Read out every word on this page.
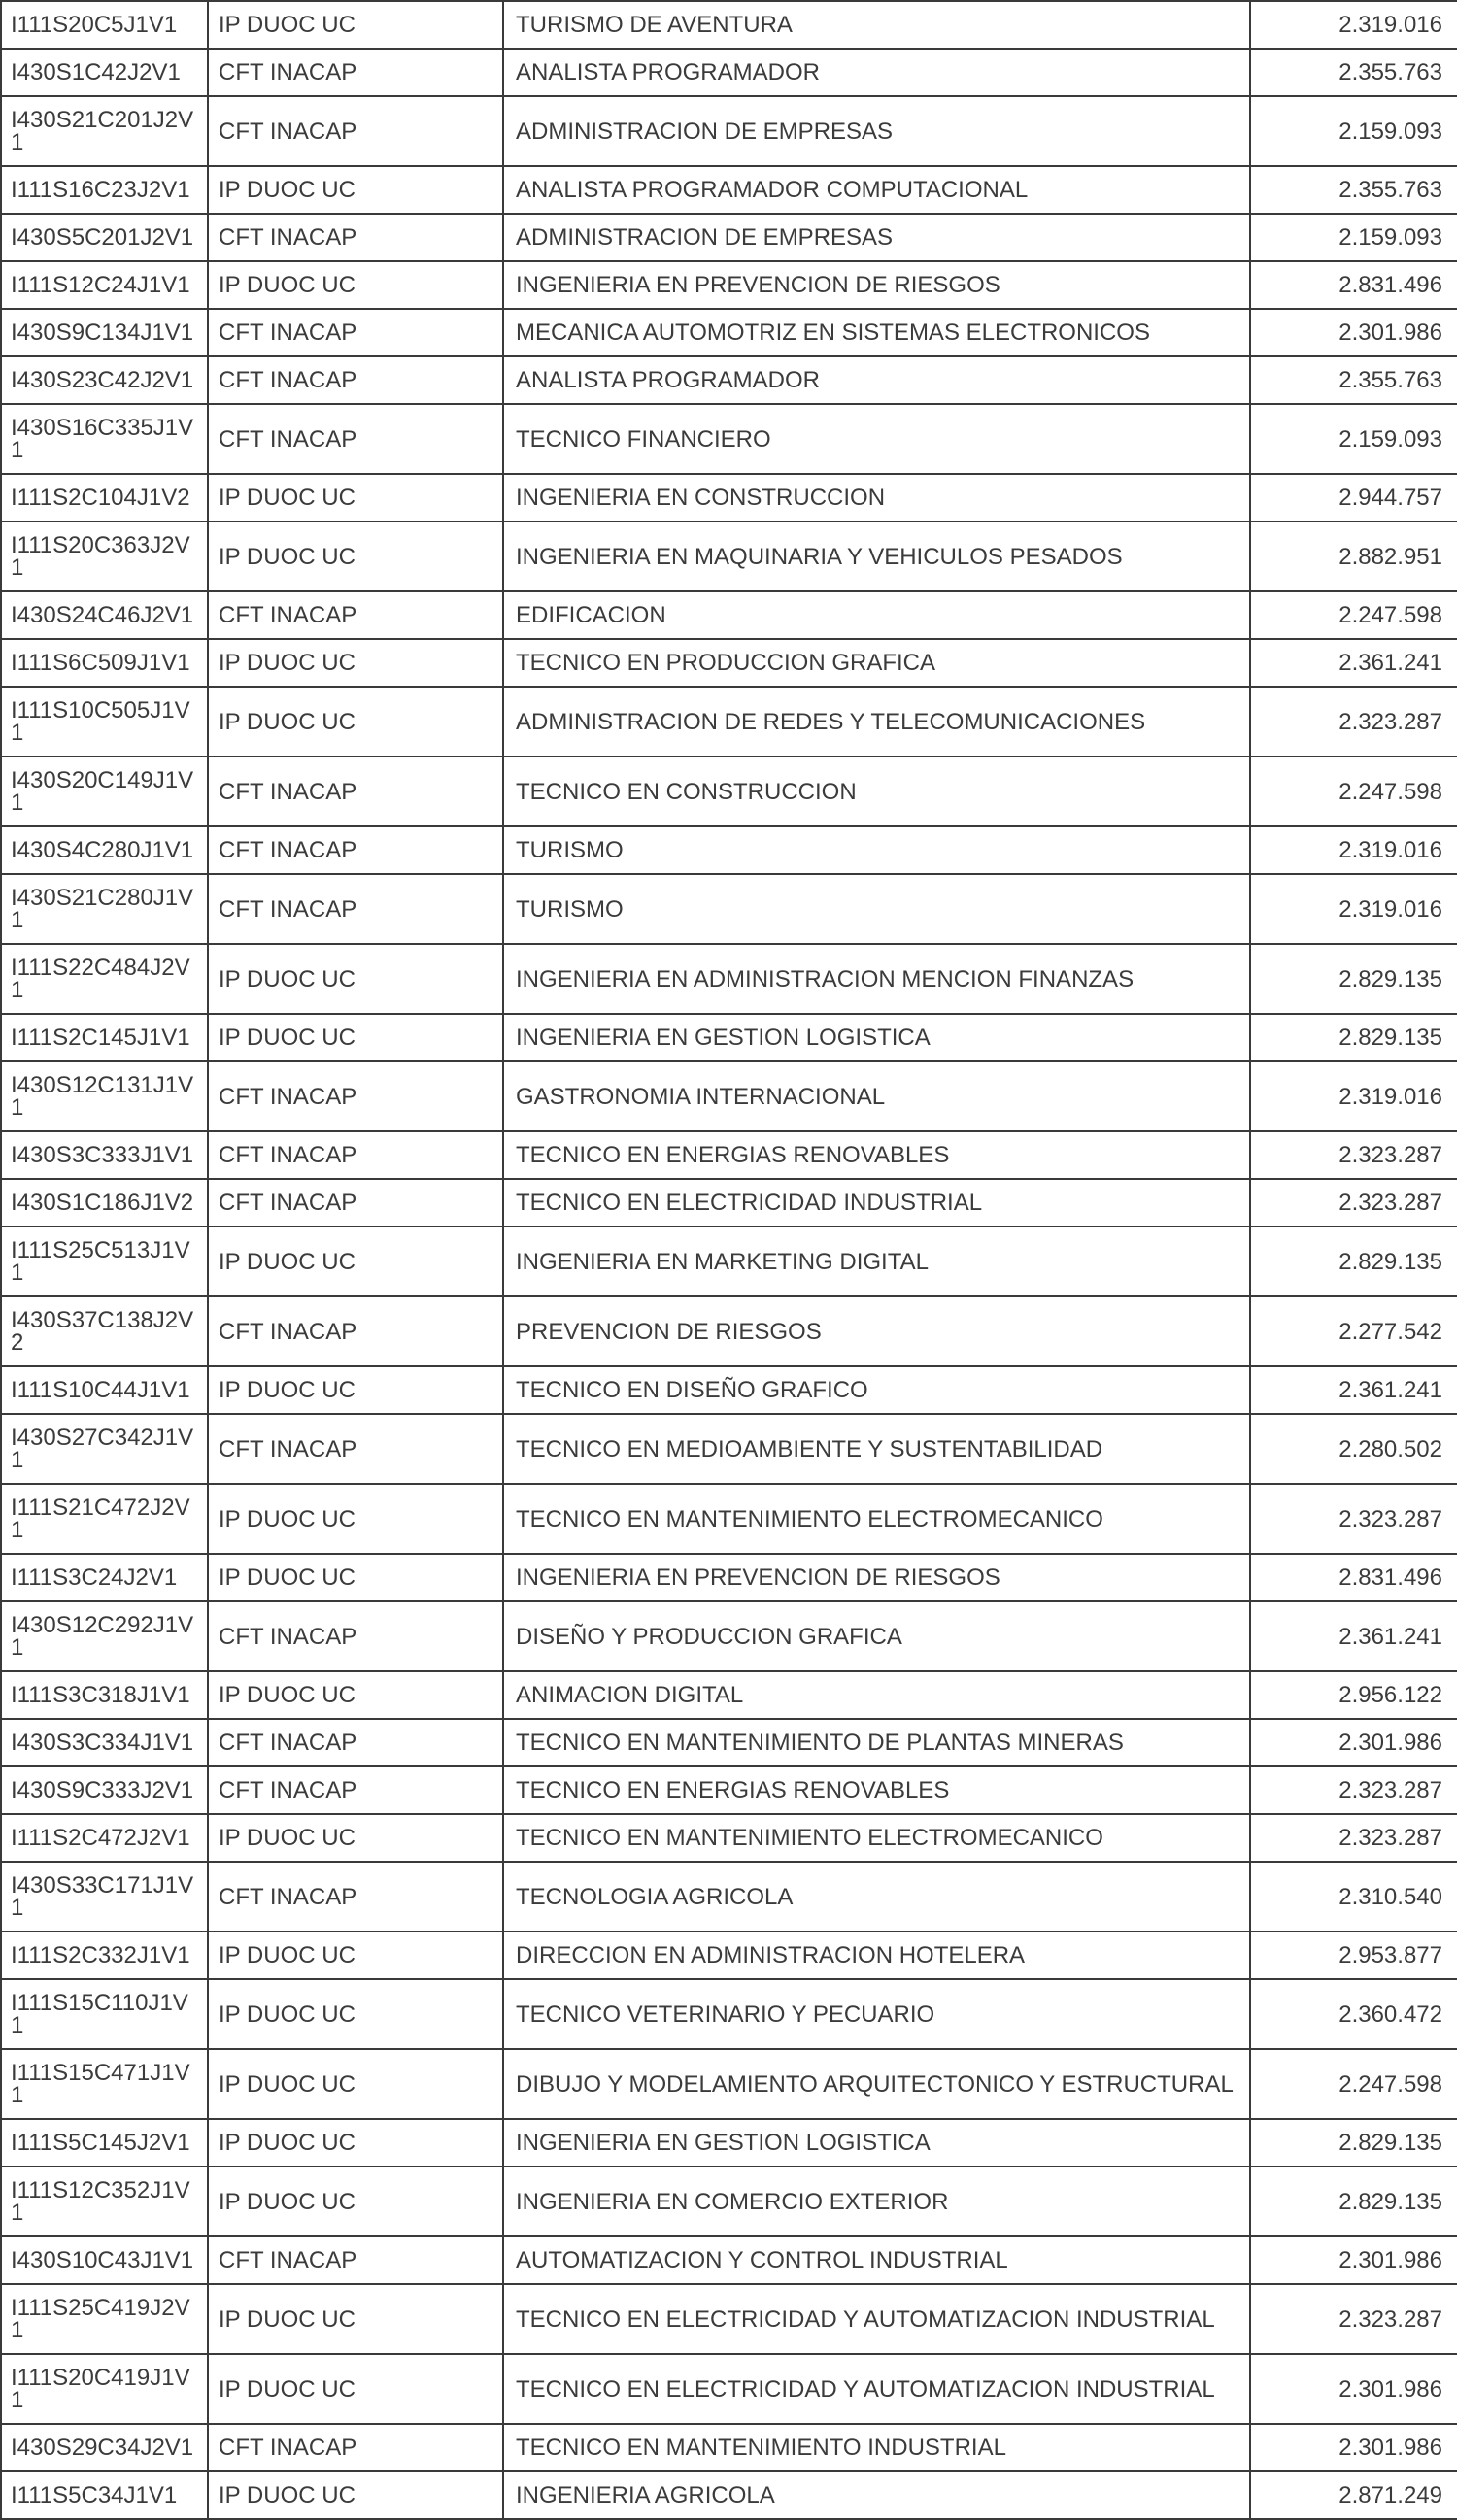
I111S20C5J1V1	IP DUOC UC	TURISMO DE AVENTURA	2.319.016
I430S1C42J2V1	CFT INACAP	ANALISTA PROGRAMADOR	2.355.763
I430S21C201J2V1	CFT INACAP	ADMINISTRACION DE EMPRESAS	2.159.093
I111S16C23J2V1	IP DUOC UC	ANALISTA PROGRAMADOR COMPUTACIONAL	2.355.763
I430S5C201J2V1	CFT INACAP	ADMINISTRACION DE EMPRESAS	2.159.093
I111S12C24J1V1	IP DUOC UC	INGENIERIA EN PREVENCION DE RIESGOS	2.831.496
I430S9C134J1V1	CFT INACAP	MECANICA AUTOMOTRIZ EN SISTEMAS ELECTRONICOS	2.301.986
I430S23C42J2V1	CFT INACAP	ANALISTA PROGRAMADOR	2.355.763
I430S16C335J1V1	CFT INACAP	TECNICO FINANCIERO	2.159.093
I111S2C104J1V2	IP DUOC UC	INGENIERIA EN CONSTRUCCION	2.944.757
I111S20C363J2V1	IP DUOC UC	INGENIERIA EN MAQUINARIA Y VEHICULOS PESADOS	2.882.951
I430S24C46J2V1	CFT INACAP	EDIFICACION	2.247.598
I111S6C509J1V1	IP DUOC UC	TECNICO EN PRODUCCION GRAFICA	2.361.241
I111S10C505J1V1	IP DUOC UC	ADMINISTRACION DE REDES Y TELECOMUNICACIONES	2.323.287
I430S20C149J1V1	CFT INACAP	TECNICO EN CONSTRUCCION	2.247.598
I430S4C280J1V1	CFT INACAP	TURISMO	2.319.016
I430S21C280J1V1	CFT INACAP	TURISMO	2.319.016
I111S22C484J2V1	IP DUOC UC	INGENIERIA EN ADMINISTRACION MENCION FINANZAS	2.829.135
I111S2C145J1V1	IP DUOC UC	INGENIERIA EN GESTION LOGISTICA	2.829.135
I430S12C131J1V1	CFT INACAP	GASTRONOMIA INTERNACIONAL	2.319.016
I430S3C333J1V1	CFT INACAP	TECNICO EN ENERGIAS RENOVABLES	2.323.287
I430S1C186J1V2	CFT INACAP	TECNICO EN ELECTRICIDAD INDUSTRIAL	2.323.287
I111S25C513J1V1	IP DUOC UC	INGENIERIA EN MARKETING DIGITAL	2.829.135
I430S37C138J2V2	CFT INACAP	PREVENCION DE RIESGOS	2.277.542
I111S10C44J1V1	IP DUOC UC	TECNICO EN DISEÑO GRAFICO	2.361.241
I430S27C342J1V1	CFT INACAP	TECNICO EN MEDIOAMBIENTE Y SUSTENTABILIDAD	2.280.502
I111S21C472J2V1	IP DUOC UC	TECNICO EN MANTENIMIENTO ELECTROMECANICO	2.323.287
I111S3C24J2V1	IP DUOC UC	INGENIERIA EN PREVENCION DE RIESGOS	2.831.496
I430S12C292J1V1	CFT INACAP	DISEÑO Y PRODUCCION GRAFICA	2.361.241
I111S3C318J1V1	IP DUOC UC	ANIMACION DIGITAL	2.956.122
I430S3C334J1V1	CFT INACAP	TECNICO EN MANTENIMIENTO DE PLANTAS MINERAS	2.301.986
I430S9C333J2V1	CFT INACAP	TECNICO EN ENERGIAS RENOVABLES	2.323.287
I111S2C472J2V1	IP DUOC UC	TECNICO EN MANTENIMIENTO ELECTROMECANICO	2.323.287
I430S33C171J1V1	CFT INACAP	TECNOLOGIA AGRICOLA	2.310.540
I111S2C332J1V1	IP DUOC UC	DIRECCION EN ADMINISTRACION HOTELERA	2.953.877
I111S15C110J1V1	IP DUOC UC	TECNICO VETERINARIO Y PECUARIO	2.360.472
I111S15C471J1V1	IP DUOC UC	DIBUJO Y MODELAMIENTO ARQUITECTONICO Y ESTRUCTURAL	2.247.598
I111S5C145J2V1	IP DUOC UC	INGENIERIA EN GESTION LOGISTICA	2.829.135
I111S12C352J1V1	IP DUOC UC	INGENIERIA EN COMERCIO EXTERIOR	2.829.135
I430S10C43J1V1	CFT INACAP	AUTOMATIZACION Y CONTROL INDUSTRIAL	2.301.986
I111S25C419J2V1	IP DUOC UC	TECNICO EN ELECTRICIDAD Y AUTOMATIZACION INDUSTRIAL	2.323.287
I111S20C419J1V1	IP DUOC UC	TECNICO EN ELECTRICIDAD Y AUTOMATIZACION INDUSTRIAL	2.301.986
I430S29C34J2V1	CFT INACAP	TECNICO EN MANTENIMIENTO INDUSTRIAL	2.301.986
I111S5C34J1V1	IP DUOC UC	INGENIERIA AGRICOLA	2.871.249
